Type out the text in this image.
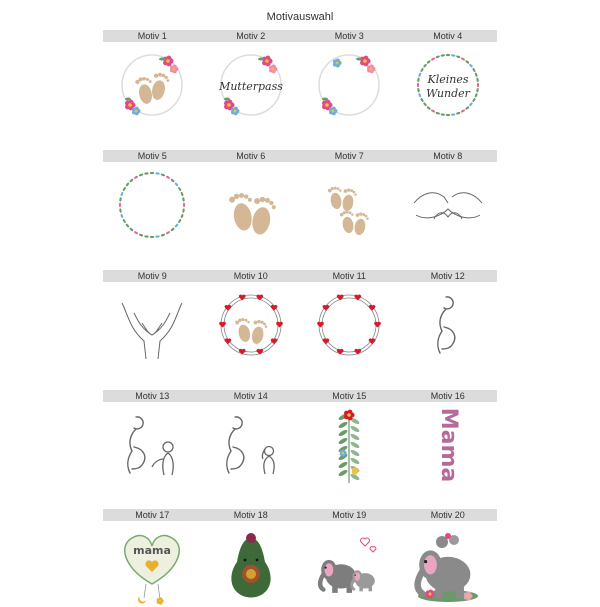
Motivauswahl
Motiv 1	Motiv 2	Motiv 3	Motiv 4
Mutterpass
Kleines
Wunder
Motiv 5	Motiv 6	Motiv 7	Motiv 8
Motiv 9	Motiv 10	Motiv 11	Motiv 12
Motiv 13	Motiv 14	Motiv 15	Motiv 16
Mama
Motiv 17	Motiv 18	Motiv 19	Motiv 20
mama
